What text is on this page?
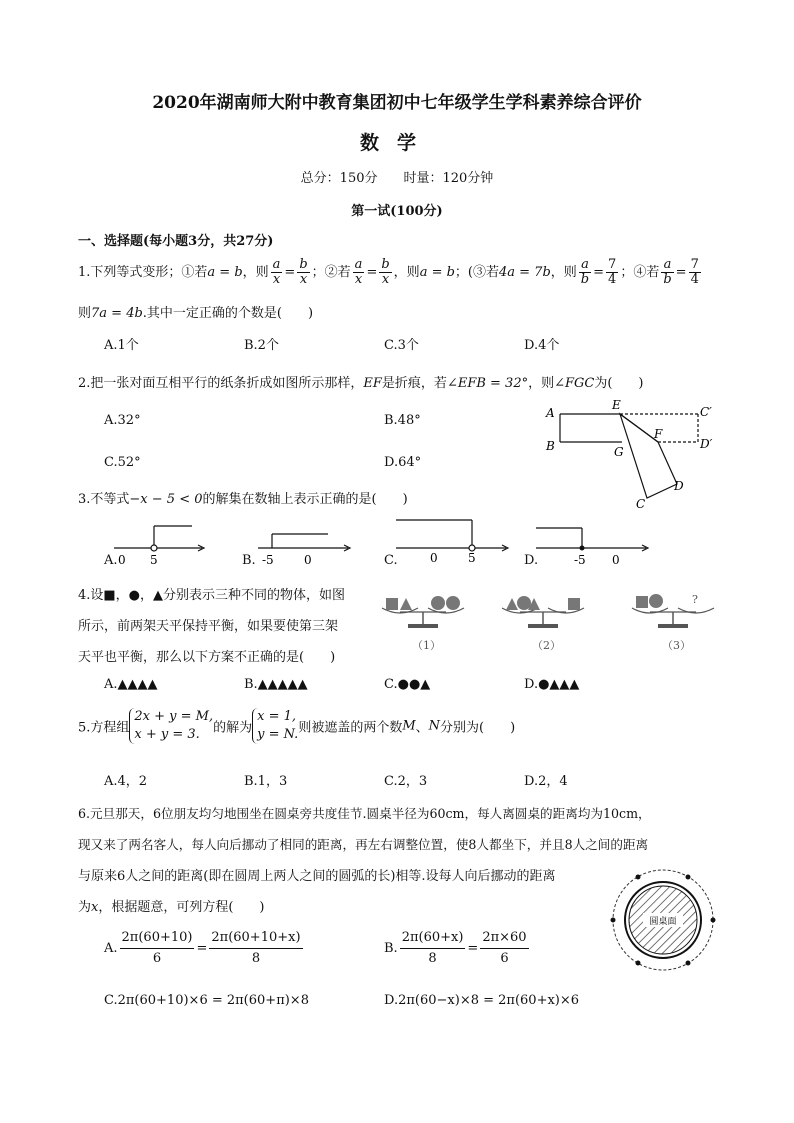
2020年湖南师大附中教育集团初中七年级学生学科素养综合评价
数学
总分：150分　　时量：120分钟
第一试(100分)
一、选择题(每小题3分，共27分)
1.下列等式变形；①若a = b，则 $\frac{a}{x} = \frac{b}{x}$ ；②若 $\frac{a}{x} = \frac{b}{x}$ ，则a = b；(③若4a = 7b，则 $\frac{a}{b} = \frac{7}{4}$ ；④若 $\frac{a}{b} = \frac{7}{4}$
则7a = 4b.其中一定正确的个数是(　　)
A.1个	B.2个	C.3个	D.4个
2.把一张对面互相平行的纸条折成如图所示那样，EF是折痕，若∠EFB = 32°，则∠FGC为(　　)
A.32°	B.48°
C.52°	D.64°
A
B
E	C′
F
D′
G
D
C
3.不等式−x − 5 < 0的解集在数轴上表示正确的是(　　)
A.	B.	C.	D.
0 5	-5	0	0	5	-5 0
4.设■，●，▲分别表示三种不同的物体，如图
所示，前两架天平保持平衡，如果要使第三架
天平也平衡，那么以下方案不正确的是(　　)
（1）	（2）
?
（3）
A.▲▲▲▲	B.▲▲▲▲▲	C.●●▲	D.●▲▲▲
5.方程组
2x + y = M,
x + y = 3.	的解为
x = 1,
y = N. 则被遮盖的两个数M、N分别为(　　)
A.4，2	B.1，3	C.2，3	D.2，4
6.元旦那天，6位朋友均匀地围坐在圆桌旁共度佳节.圆桌半径为60cm，每人离圆桌的距离均为10cm，
现又来了两名客人，每人向后挪动了相同的距离，再左右调整位置，使8人都坐下，并且8人之间的距离
与原来6人之间的距离(即在圆周上两人之间的圆弧的长)相等.设每人向后挪动的距离
为x，根据题意，可列方程(　　)
圆桌面
A. $\frac{2\pi(60+10)}{6} = \frac{2\pi(60+10+x)}{8}$	B. $\frac{2\pi(60+x)}{8} = \frac{2\pi\times 60}{6}$
C.2π(60+10)×6 = 2π(60+π)×8	D.2π(60−x)×8 = 2π(60+x)×6
